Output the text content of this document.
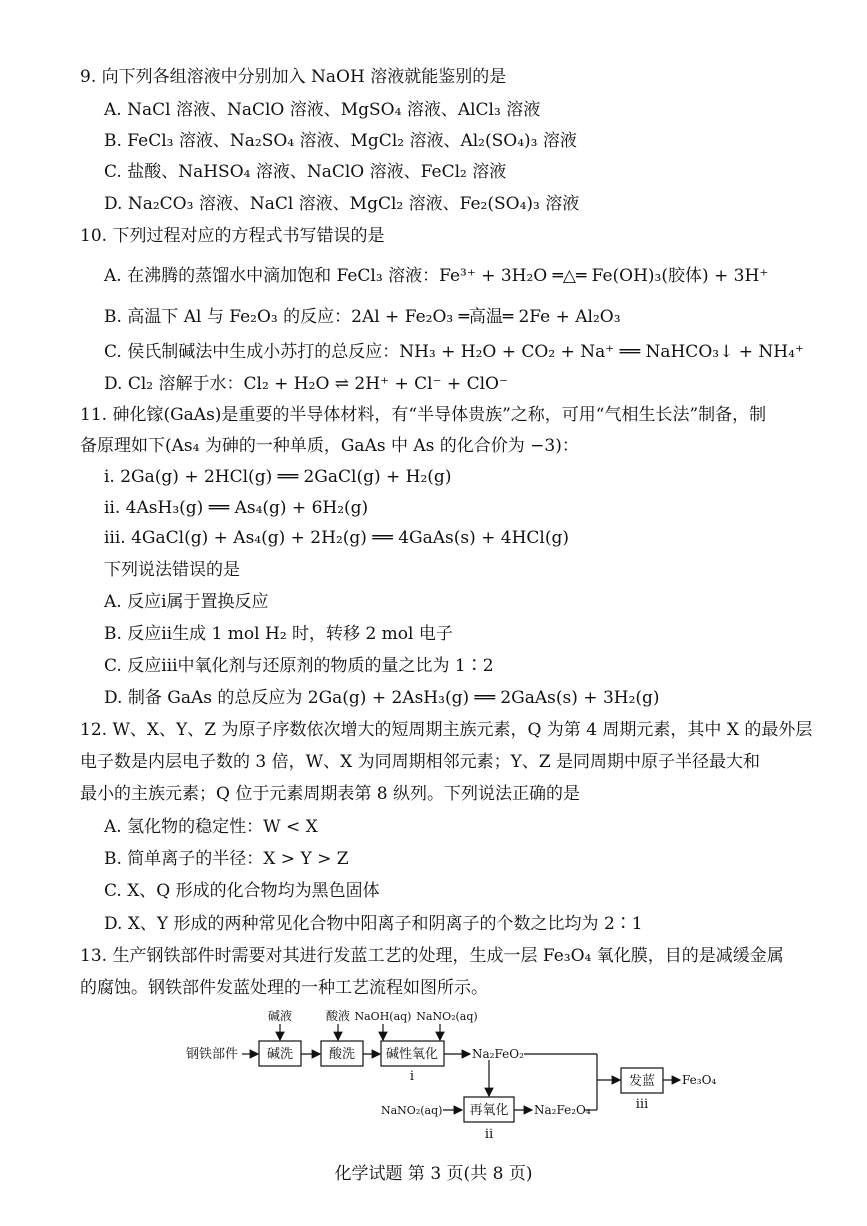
9. 向下列各组溶液中分别加入 NaOH 溶液就能鉴别的是
A. NaCl 溶液、NaClO 溶液、MgSO₄ 溶液、AlCl₃ 溶液
B. FeCl₃ 溶液、Na₂SO₄ 溶液、MgCl₂ 溶液、Al₂(SO₄)₃ 溶液
C. 盐酸、NaHSO₄ 溶液、NaClO 溶液、FeCl₂ 溶液
D. Na₂CO₃ 溶液、NaCl 溶液、MgCl₂ 溶液、Fe₂(SO₄)₃ 溶液
10. 下列过程对应的方程式书写错误的是
A. 在沸腾的蒸馏水中滴加饱和 FeCl₃ 溶液：Fe³⁺ + 3H₂O ═△═ Fe(OH)₃(胶体) + 3H⁺
B. 高温下 Al 与 Fe₂O₃ 的反应：2Al + Fe₂O₃ ═高温═ 2Fe + Al₂O₃
C. 侯氏制碱法中生成小苏打的总反应：NH₃ + H₂O + CO₂ + Na⁺ ══ NaHCO₃↓ + NH₄⁺
D. Cl₂ 溶解于水：Cl₂ + H₂O ⇌ 2H⁺ + Cl⁻ + ClO⁻
11. 砷化镓(GaAs)是重要的半导体材料，有“半导体贵族”之称，可用“气相生长法”制备，制
备原理如下(As₄ 为砷的一种单质，GaAs 中 As 的化合价为 −3)：
ⅰ. 2Ga(g) + 2HCl(g) ══ 2GaCl(g) + H₂(g)
ⅱ. 4AsH₃(g) ══ As₄(g) + 6H₂(g)
ⅲ. 4GaCl(g) + As₄(g) + 2H₂(g) ══ 4GaAs(s) + 4HCl(g)
下列说法错误的是
A. 反应ⅰ属于置换反应
B. 反应ⅱ生成 1 mol H₂ 时，转移 2 mol 电子
C. 反应ⅲ中氧化剂与还原剂的物质的量之比为 1∶2
D. 制备 GaAs 的总反应为 2Ga(g) + 2AsH₃(g) ══ 2GaAs(s) + 3H₂(g)
12. W、X、Y、Z 为原子序数依次增大的短周期主族元素，Q 为第 4 周期元素，其中 X 的最外层
电子数是内层电子数的 3 倍，W、X 为同周期相邻元素；Y、Z 是同周期中原子半径最大和
最小的主族元素；Q 位于元素周期表第 8 纵列。下列说法正确的是
A. 氢化物的稳定性：W < X
B. 简单离子的半径：X > Y > Z
C. X、Q 形成的化合物均为黑色固体
D. X、Y 形成的两种常见化合物中阳离子和阴离子的个数之比均为 2∶1
13. 生产钢铁部件时需要对其进行发蓝工艺的处理，生成一层 Fe₃O₄ 氧化膜，目的是减缓金属
的腐蚀。钢铁部件发蓝处理的一种工艺流程如图所示。
钢铁部件 碱洗
碱液
酸洗
酸液
碱性氧化
NaOH(aq) NaNO₂(aq)
ⅰ
Na₂FeO₂
再氧化
NaNO₂(aq)
ⅱ
Na₂Fe₂O₄
发蓝
ⅲ
Fe₃O₄
化学试题 第 3 页(共 8 页)
